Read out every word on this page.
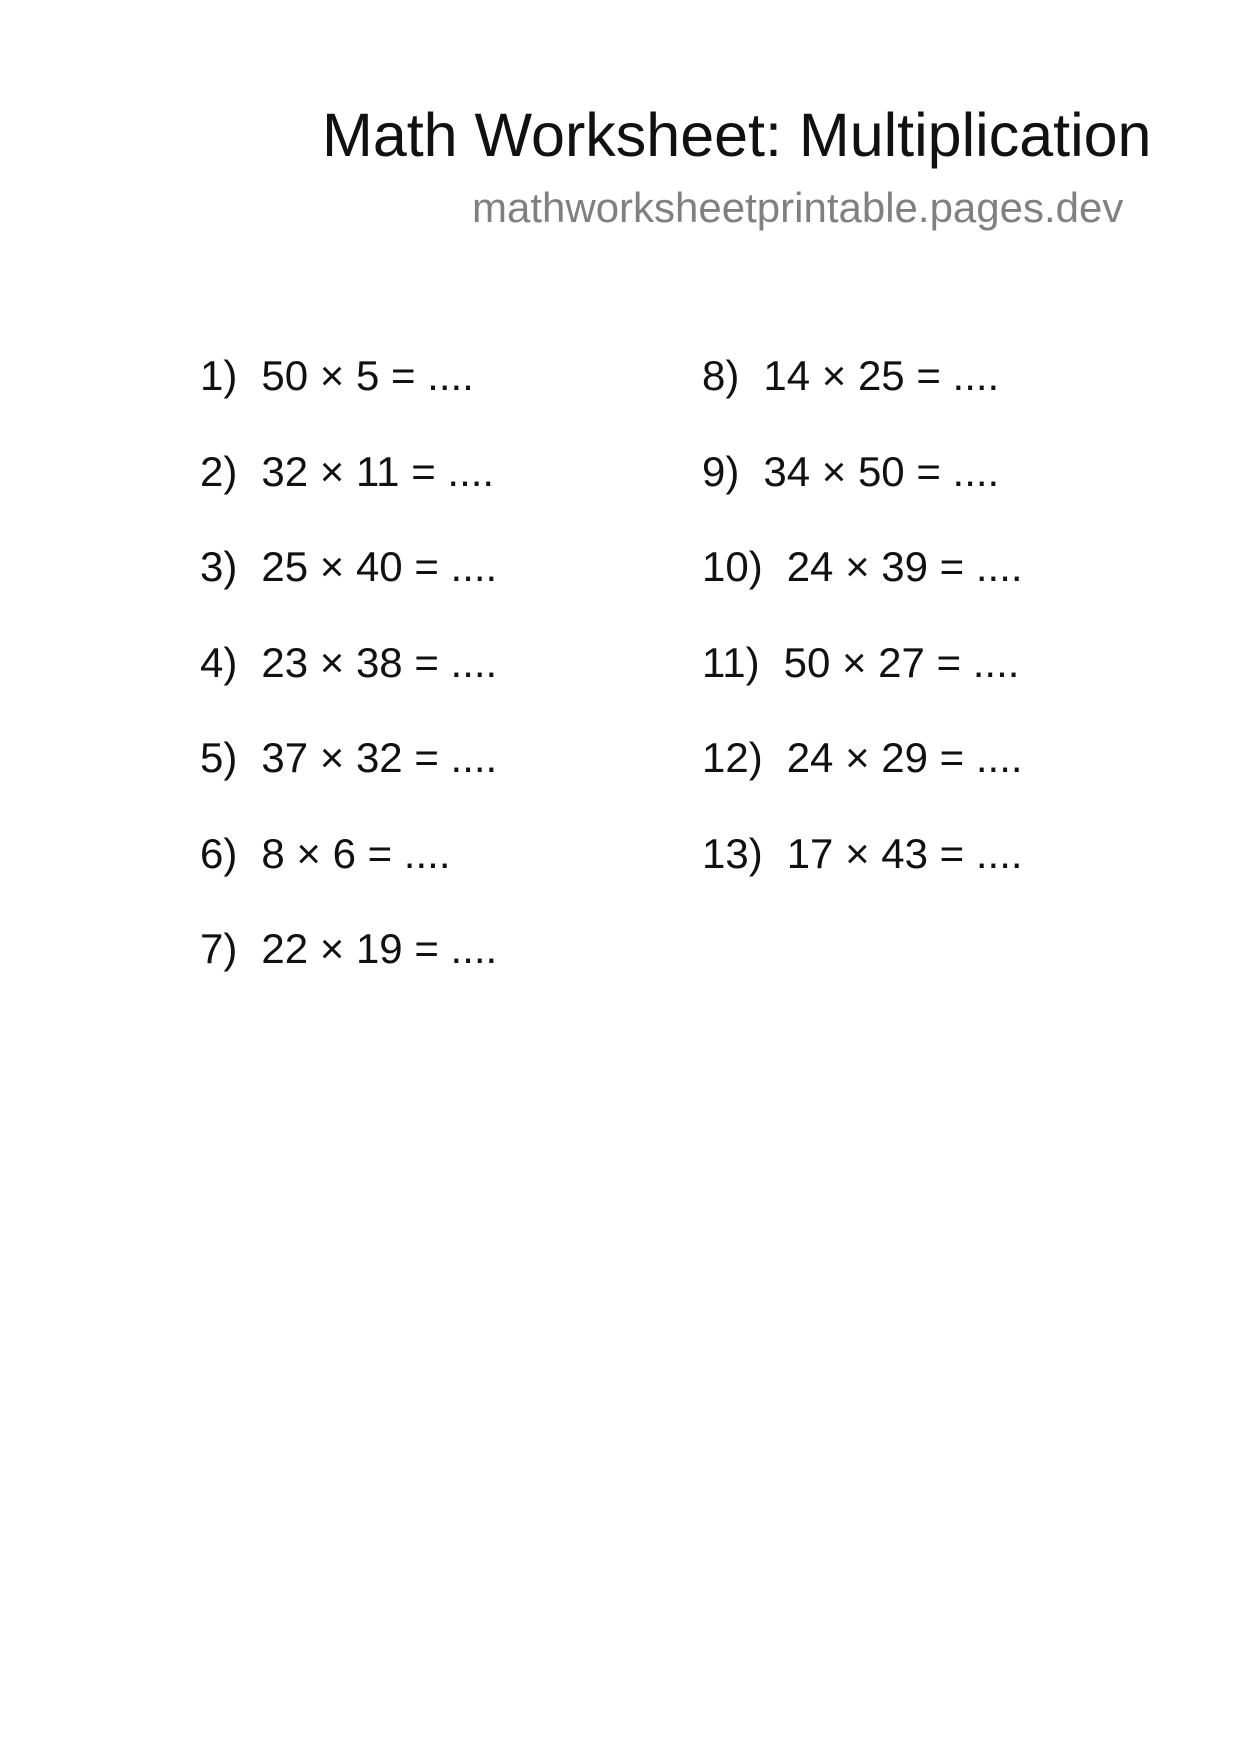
Math Worksheet: Multiplication
mathworksheetprintable.pages.dev
1) 50 × 5 = ....
2) 32 × 11 = ....
3) 25 × 40 = ....
4) 23 × 38 = ....
5) 37 × 32 = ....
6) 8 × 6 = ....
7) 22 × 19 = ....
8) 14 × 25 = ....
9) 34 × 50 = ....
10) 24 × 39 = ....
11) 50 × 27 = ....
12) 24 × 29 = ....
13) 17 × 43 = ....
